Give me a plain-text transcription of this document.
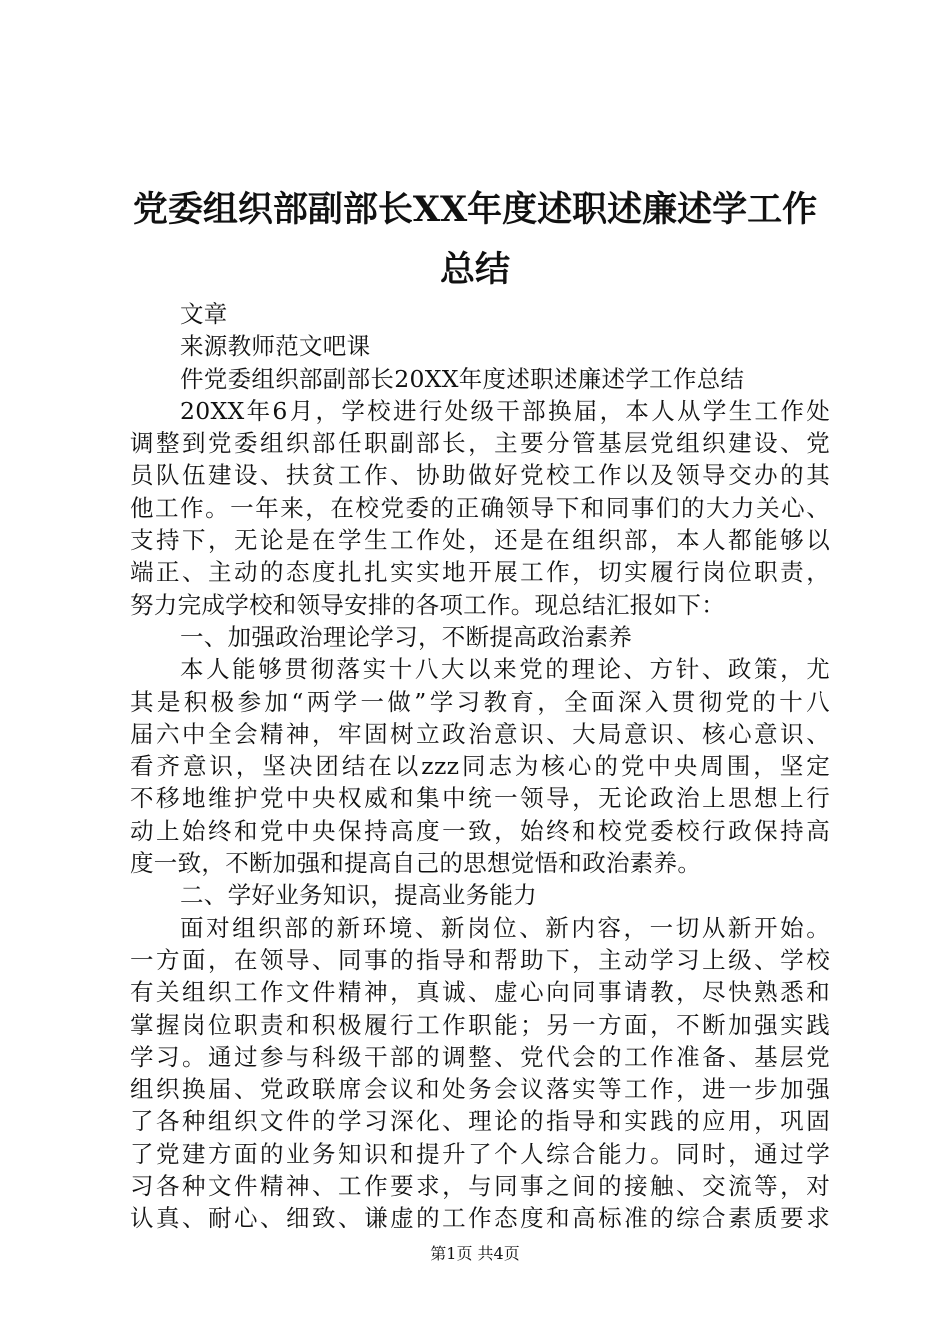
党委组织部副部长XX年度述职述廉述学工作
总结
文章
来源教师范文吧课
件党委组织部副部长20XX年度述职述廉述学工作总结
20XX年6月，学校进行处级干部换届，本人从学生工作处
调整到党委组织部任职副部长，主要分管基层党组织建设、党
员队伍建设、扶贫工作、协助做好党校工作以及领导交办的其
他工作。一年来，在校党委的正确领导下和同事们的大力关心、
支持下，无论是在学生工作处，还是在组织部，本人都能够以
端正、主动的态度扎扎实实地开展工作，切实履行岗位职责，
努力完成学校和领导安排的各项工作。现总结汇报如下：
一、加强政治理论学习，不断提高政治素养
本人能够贯彻落实十八大以来党的理论、方针、政策，尤
其是积极参加“两学一做”学习教育，全面深入贯彻党的十八
届六中全会精神，牢固树立政治意识、大局意识、核心意识、
看齐意识，坚决团结在以zzz同志为核心的党中央周围，坚定
不移地维护党中央权威和集中统一领导，无论政治上思想上行
动上始终和党中央保持高度一致，始终和校党委校行政保持高
度一致，不断加强和提高自己的思想觉悟和政治素养。
二、学好业务知识，提高业务能力
面对组织部的新环境、新岗位、新内容，一切从新开始。
一方面，在领导、同事的指导和帮助下，主动学习上级、学校
有关组织工作文件精神，真诚、虚心向同事请教，尽快熟悉和
掌握岗位职责和积极履行工作职能；另一方面，不断加强实践
学习。通过参与科级干部的调整、党代会的工作准备、基层党
组织换届、党政联席会议和处务会议落实等工作，进一步加强
了各种组织文件的学习深化、理论的指导和实践的应用，巩固
了党建方面的业务知识和提升了个人综合能力。同时，通过学
习各种文件精神、工作要求，与同事之间的接触、交流等，对
认真、耐心、细致、谦虚的工作态度和高标准的综合素质要求
第1页 共4页
